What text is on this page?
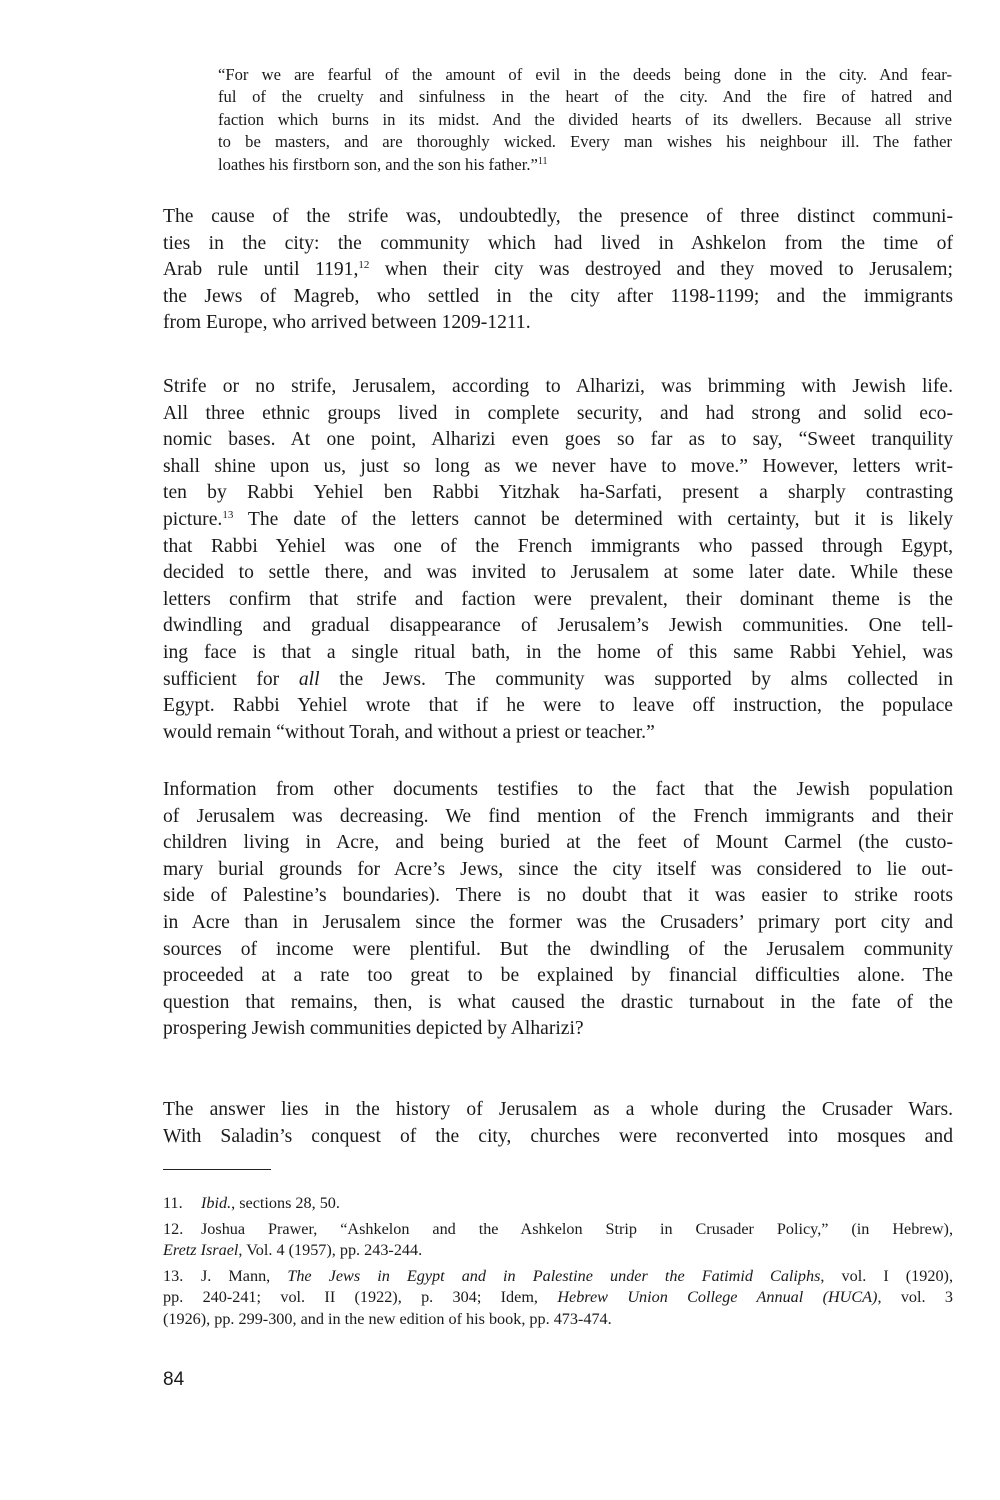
“For we are fearful of the amount of evil in the deeds being done in the city. And fear-
ful of the cruelty and sinfulness in the heart of the city. And the fire of hatred and
faction which burns in its midst. And the divided hearts of its dwellers. Because all strive
to be masters, and are thoroughly wicked. Every man wishes his neighbour ill. The father
loathes his firstborn son, and the son his father.”$^{11}$
The cause of the strife was, undoubtedly, the presence of three distinct communi-
ties in the city: the community which had lived in Ashkelon from the time of
Arab rule until 1191,12 when their city was destroyed and they moved to Jerusalem;
the Jews of Magreb, who settled in the city after 1198-1199; and the immigrants
from Europe, who arrived between 1209-1211.
Strife or no strife, Jerusalem, according to Alharizi, was brimming with Jewish life.
All three ethnic groups lived in complete security, and had strong and solid eco-
nomic bases. At one point, Alharizi even goes so far as to say, “Sweet tranquility
shall shine upon us, just so long as we never have to move.” However, letters writ-
ten by Rabbi Yehiel ben Rabbi Yitzhak ha-Sarfati, present a sharply contrasting
picture.$^{13}$ The date of the letters cannot be determined with certainty, but it is likely
that Rabbi Yehiel was one of the French immigrants who passed through Egypt,
decided to settle there, and was invited to Jerusalem at some later date. While these
letters confirm that strife and faction were prevalent, their dominant theme is the
dwindling and gradual disappearance of Jerusalem’s Jewish communities. One tell-
ing face is that a single ritual bath, in the home of this same Rabbi Yehiel, was
sufficient for all the Jews. The community was supported by alms collected in
Egypt. Rabbi Yehiel wrote that if he were to leave off instruction, the populace
would remain “without Torah, and without a priest or teacher.”
Information from other documents testifies to the fact that the Jewish population
of Jerusalem was decreasing. We find mention of the French immigrants and their
children living in Acre, and being buried at the feet of Mount Carmel (the custo-
mary burial grounds for Acre’s Jews, since the city itself was considered to lie out-
side of Palestine’s boundaries). There is no doubt that it was easier to strike roots
in Acre than in Jerusalem since the former was the Crusaders’ primary port city and
sources of income were plentiful. But the dwindling of the Jerusalem community
proceeded at a rate too great to be explained by financial difficulties alone. The
question that remains, then, is what caused the drastic turnabout in the fate of the
prospering Jewish communities depicted by Alharizi?
The answer lies in the history of Jerusalem as a whole during the Crusader Wars.
With Saladin’s conquest of the city, churches were reconverted into mosques and
11. Ibid., sections 28, 50.
12. Joshua Prawer, “Ashkelon and the Ashkelon Strip in Crusader Policy,” (in Hebrew),
Eretz Israel, Vol. 4 (1957), pp. 243-244.
13. J. Mann, The Jews in Egypt and in Palestine under the Fatimid Caliphs, vol. I (1920),
pp. 240-241; vol. II (1922), p. 304; Idem, Hebrew Union College Annual (HUCA), vol. 3
(1926), pp. 299-300, and in the new edition of his book, pp. 473-474.
84
